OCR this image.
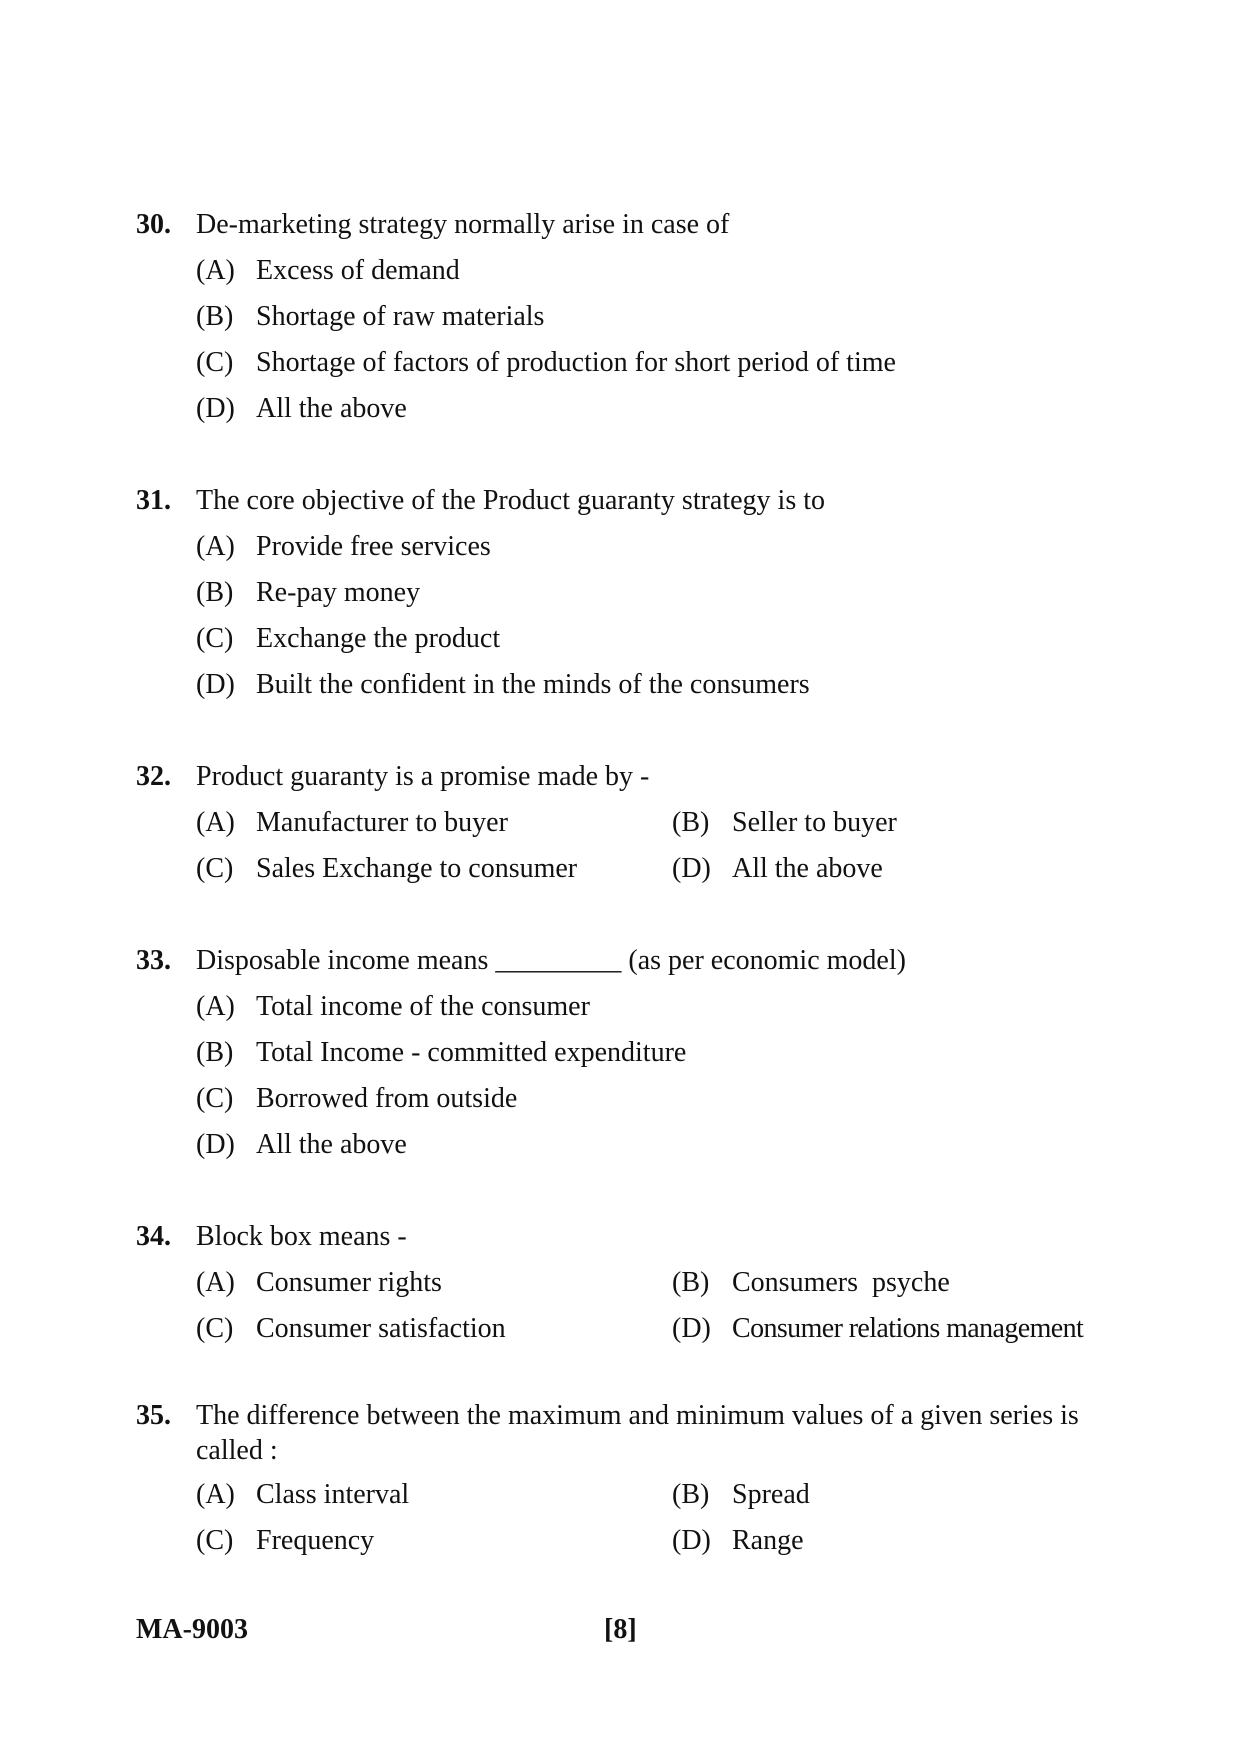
30. De-marketing strategy normally arise in case of
(A) Excess of demand
(B) Shortage of raw materials
(C) Shortage of factors of production for short period of time
(D) All the above
31. The core objective of the Product guaranty strategy is to
(A) Provide free services
(B) Re-pay money
(C) Exchange the product
(D) Built the confident in the minds of the consumers
32. Product guaranty is a promise made by -
(A) Manufacturer to buyer	(B) Seller to buyer
(C) Sales Exchange to consumer	(D) All the above
33. Disposable income means _________ (as per economic model)
(A) Total income of the consumer
(B) Total Income - committed expenditure
(C) Borrowed from outside
(D) All the above
34. Block box means -
(A) Consumer rights	(B) Consumers  psyche
(C) Consumer satisfaction	(D) Consumer relations management
35. The difference between the maximum and minimum values of a given series is called :
(A) Class interval	(B) Spread
(C) Frequency	(D) Range
MA-9003	[8]
